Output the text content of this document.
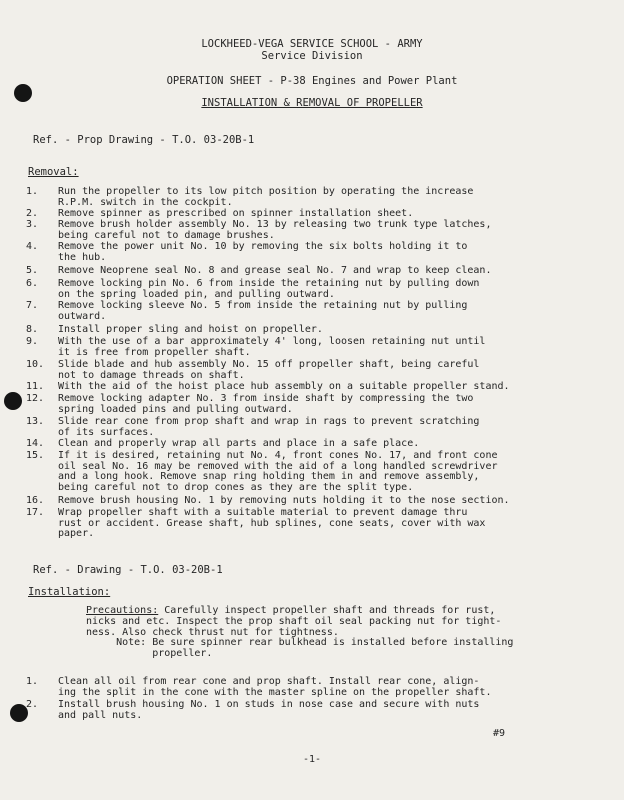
LOCKHEED-VEGA SERVICE SCHOOL - ARMY
Service Division
OPERATION SHEET - P-38 Engines and Power Plant
INSTALLATION & REMOVAL OF PROPELLER
Ref. - Prop Drawing - T.O. 03-20B-1
Removal:
1.	Run the propeller to its low pitch position by operating the increase
R.P.M. switch in the cockpit.
2.	Remove spinner as prescribed on spinner installation sheet.
3.	Remove brush holder assembly No. 13 by releasing two trunk type latches,
being careful not to damage brushes.
4.	Remove the power unit No. 10 by removing the six bolts holding it to
the hub.
5.	Remove Neoprene seal No. 8 and grease seal No. 7 and wrap to keep clean.
6.	Remove locking pin No. 6 from inside the retaining nut by pulling down
on the spring loaded pin, and pulling outward.
7.	Remove locking sleeve No. 5 from inside the retaining nut by pulling
outward.
8.	Install proper sling and hoist on propeller.
9.	With the use of a bar approximately 4' long, loosen retaining nut until
it is free from propeller shaft.
10.	Slide blade and hub assembly No. 15 off propeller shaft, being careful
not to damage threads on shaft.
11.	With the aid of the hoist place hub assembly on a suitable propeller stand.
12.	Remove locking adapter No. 3 from inside shaft by compressing the two
spring loaded pins and pulling outward.
13.	Slide rear cone from prop shaft and wrap in rags to prevent scratching
of its surfaces.
14.	Clean and properly wrap all parts and place in a safe place.
15.	If it is desired, retaining nut No. 4, front cones No. 17, and front cone
oil seal No. 16 may be removed with the aid of a long handled screwdriver
and a long hook. Remove snap ring holding them in and remove assembly,
being careful not to drop cones as they are the split type.
16.	Remove brush housing No. 1 by removing nuts holding it to the nose section.
17.	Wrap propeller shaft with a suitable material to prevent damage thru
rust or accident. Grease shaft, hub splines, cone seats, cover with wax
paper.
Ref. - Drawing - T.O. 03-20B-1
Installation:
Precautions: Carefully inspect propeller shaft and threads for rust,
nicks and etc. Inspect the prop shaft oil seal packing nut for tight-
ness. Also check thrust nut for tightness.
Note: Be sure spinner rear bulkhead is installed before installing
propeller.
1.	Clean all oil from rear cone and prop shaft. Install rear cone, align-
ing the split in the cone with the master spline on the propeller shaft.
2.	Install brush housing No. 1 on studs in nose case and secure with nuts
and pall nuts.
#9
-1-
